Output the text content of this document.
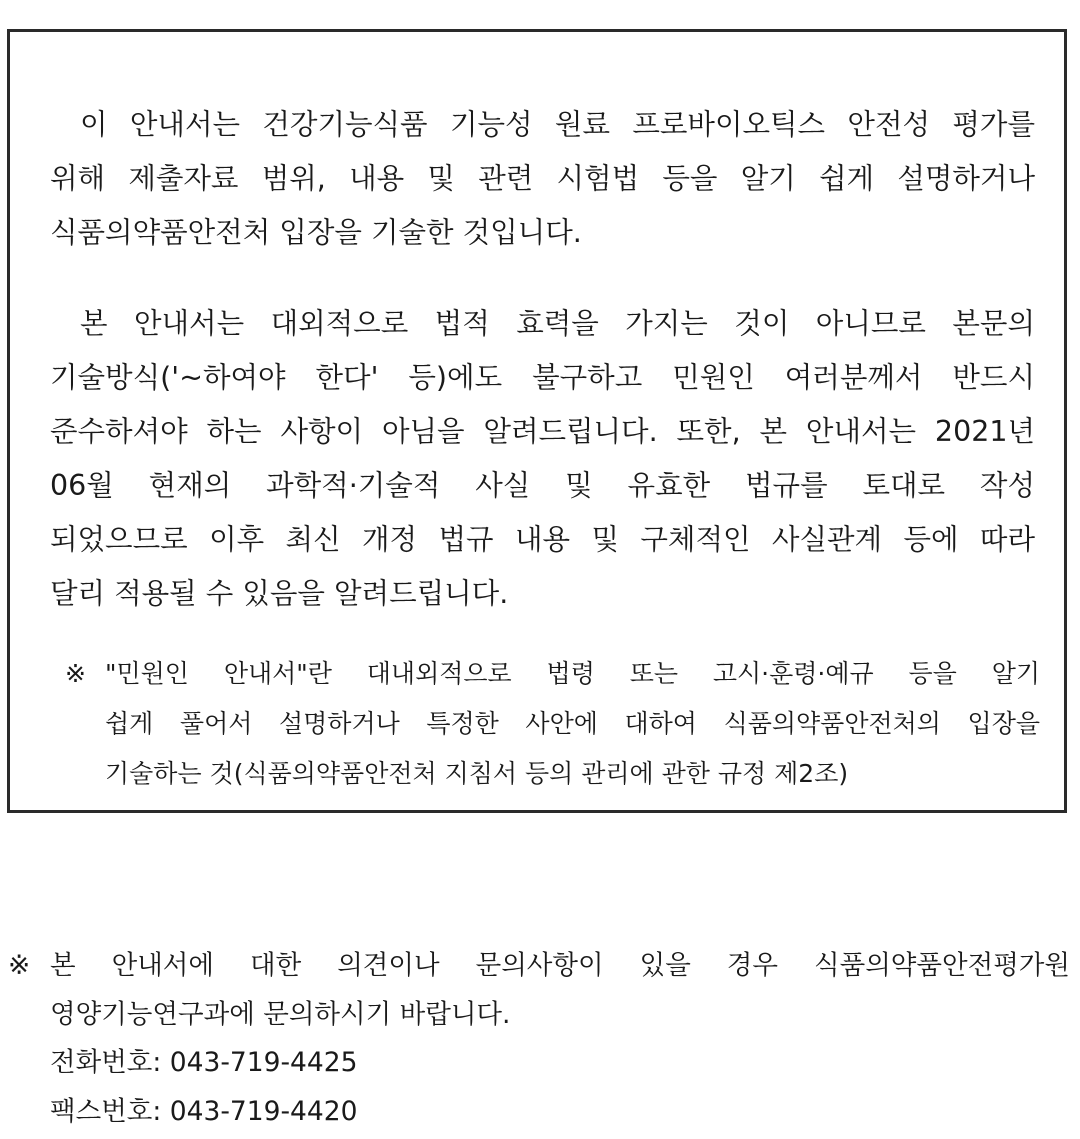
이 안내서는 건강기능식품 기능성 원료 프로바이오틱스 안전성 평가를
위해 제출자료 범위, 내용 및 관련 시험법 등을 알기 쉽게 설명하거나
식품의약품안전처 입장을 기술한 것입니다.
본 안내서는 대외적으로 법적 효력을 가지는 것이 아니므로 본문의
기술방식('~하여야 한다' 등)에도 불구하고 민원인 여러분께서 반드시
준수하셔야 하는 사항이 아님을 알려드립니다. 또한, 본 안내서는 2021년
06월 현재의 과학적·기술적 사실 및 유효한 법규를 토대로 작성
되었으므로 이후 최신 개정 법규 내용 및 구체적인 사실관계 등에 따라
달리 적용될 수 있음을 알려드립니다.
※ "민원인 안내서"란 대내외적으로 법령 또는 고시·훈령·예규 등을 알기
쉽게 풀어서 설명하거나 특정한 사안에 대하여 식품의약품안전처의 입장을
기술하는 것(식품의약품안전처 지침서 등의 관리에 관한 규정 제2조)
※ 본 안내서에 대한 의견이나 문의사항이 있을 경우 식품의약품안전평가원
영양기능연구과에 문의하시기 바랍니다.
전화번호: 043-719-4425
팩스번호: 043-719-4420
